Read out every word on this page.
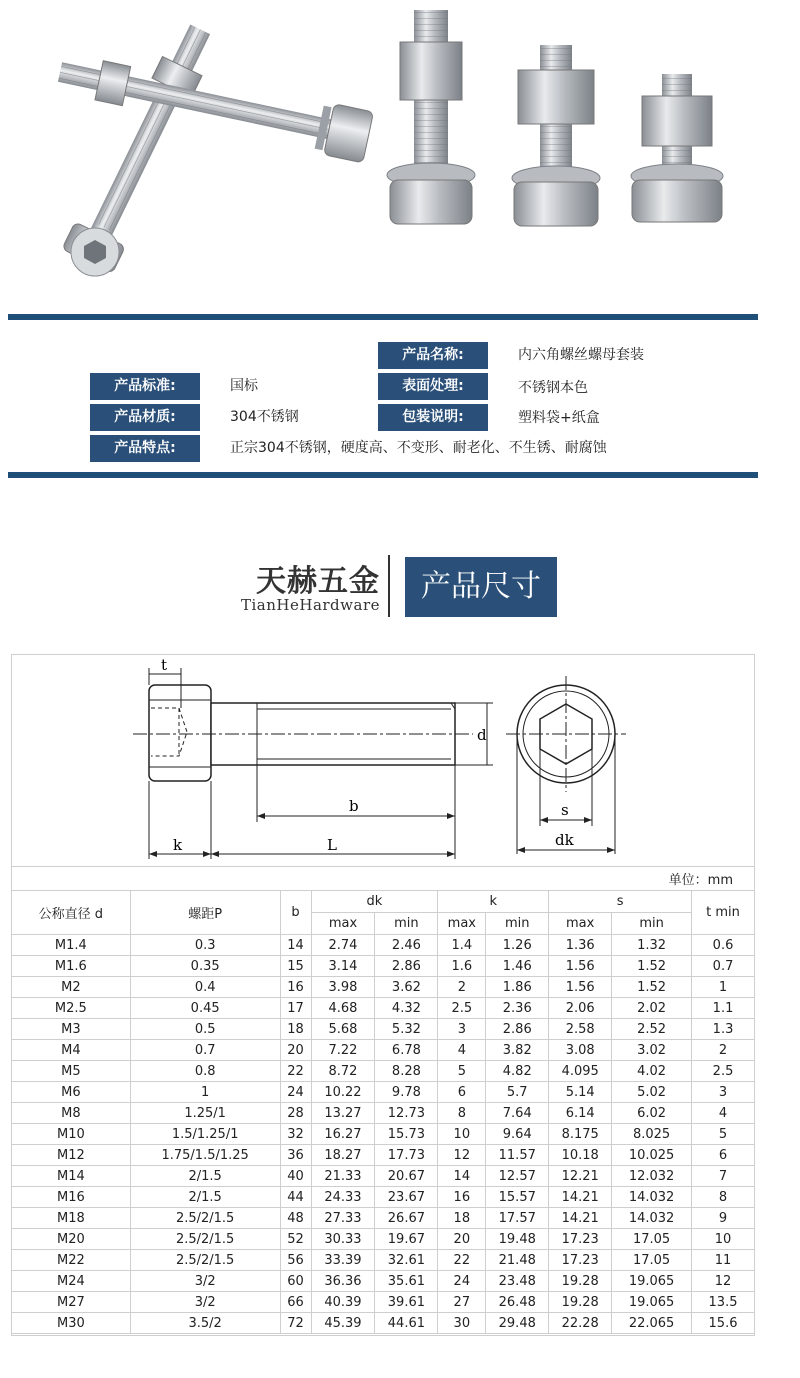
产品名称:	内六角螺丝螺母套装
产品标准:	国标	表面处理:	不锈钢本色
产品材质:	304不锈钢	包装说明:	塑料袋+纸盒
产品特点:	正宗304不锈钢，硬度高、不变形、耐老化、不生锈、耐腐蚀
天赫五金
TianHeHardware
产品尺寸
t
d
b
k	L
s
dk
单位：mm
公称直径 d	螺距P	b	dk		k		s		t min
			max	min	max	min	max	min	
M1.4	0.3	14	2.74	2.46	1.4	1.26	1.36	1.32	0.6
M1.6	0.35	15	3.14	2.86	1.6	1.46	1.56	1.52	0.7
M2	0.4	16	3.98	3.62	2	1.86	1.56	1.52	1
M2.5	0.45	17	4.68	4.32	2.5	2.36	2.06	2.02	1.1
M3	0.5	18	5.68	5.32	3	2.86	2.58	2.52	1.3
M4	0.7	20	7.22	6.78	4	3.82	3.08	3.02	2
M5	0.8	22	8.72	8.28	5	4.82	4.095	4.02	2.5
M6	1	24	10.22	9.78	6	5.7	5.14	5.02	3
M8	1.25/1	28	13.27	12.73	8	7.64	6.14	6.02	4
M10	1.5/1.25/1	32	16.27	15.73	10	9.64	8.175	8.025	5
M12	1.75/1.5/1.25	36	18.27	17.73	12	11.57	10.18	10.025	6
M14	2/1.5	40	21.33	20.67	14	12.57	12.21	12.032	7
M16	2/1.5	44	24.33	23.67	16	15.57	14.21	14.032	8
M18	2.5/2/1.5	48	27.33	26.67	18	17.57	14.21	14.032	9
M20	2.5/2/1.5	52	30.33	19.67	20	19.48	17.23	17.05	10
M22	2.5/2/1.5	56	33.39	32.61	22	21.48	17.23	17.05	11
M24	3/2	60	36.36	35.61	24	23.48	19.28	19.065	12
M27	3/2	66	40.39	39.61	27	26.48	19.28	19.065	13.5
M30	3.5/2	72	45.39	44.61	30	29.48	22.28	22.065	15.6
